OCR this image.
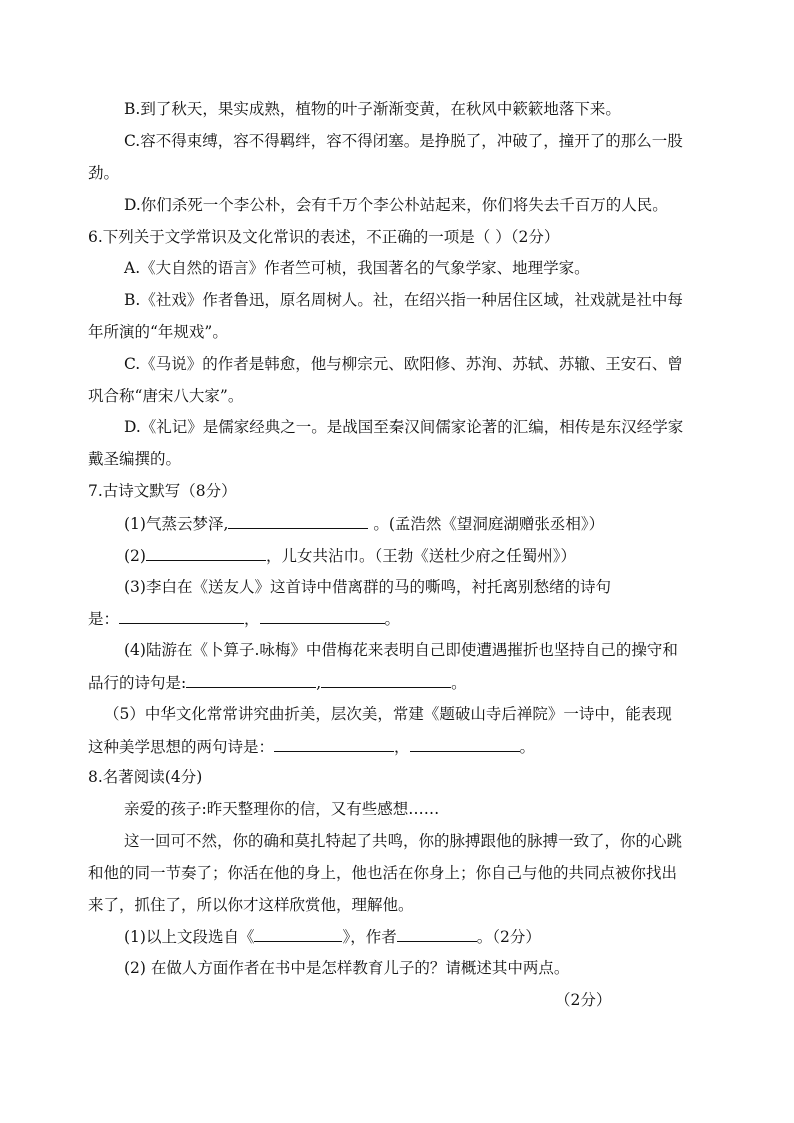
B.到了秋天，果实成熟，植物的叶子渐渐变黄，在秋风中簌簌地落下来。
C.容不得束缚，容不得羁绊，容不得闭塞。是挣脱了，冲破了，撞开了的那么一股
劲。
D.你们杀死一个李公朴，会有千万个李公朴站起来，你们将失去千百万的人民。
6.下列关于文学常识及文化常识的表述，不正确的一项是（ ）（2分）
A.《大自然的语言》作者竺可桢，我国著名的气象学家、地理学家。
B.《社戏》作者鲁迅，原名周树人。社，在绍兴指一种居住区域，社戏就是社中每
年所演的“年规戏”。
C.《马说》的作者是韩愈，他与柳宗元、欧阳修、苏洵、苏轼、苏辙、王安石、曾
巩合称“唐宋八大家”。
D.《礼记》是儒家经典之一。是战国至秦汉间儒家论著的汇编，相传是东汉经学家
戴圣编撰的。
7.古诗文默写（8分）
(1)气蒸云梦泽,	。(孟浩然《望洞庭湖赠张丞相》）
(2)	，儿女共沾巾。（王勃《送杜少府之任蜀州》）
(3)李白在《送友人》这首诗中借离群的马的嘶鸣，衬托离别愁绪的诗句
是：	，	。
(4)陆游在《卜算子.咏梅》中借梅花来表明自己即使遭遇摧折也坚持自己的操守和
品行的诗句是:	,	。
（5）中华文化常常讲究曲折美，层次美，常建《题破山寺后禅院》一诗中，能表现
这种美学思想的两句诗是：	，	。
8.名著阅读(4分)
亲爱的孩子:昨天整理你的信，又有些感想……
这一回可不然，你的确和莫扎特起了共鸣，你的脉搏跟他的脉搏一致了，你的心跳
和他的同一节奏了；你活在他的身上，他也活在你身上；你自己与他的共同点被你找出
来了，抓住了，所以你才这样欣赏他，理解他。
(1)以上文段选自《	》，作者	。（2分）
(2) 在做人方面作者在书中是怎样教育儿子的？请概述其中两点。
（2分）
